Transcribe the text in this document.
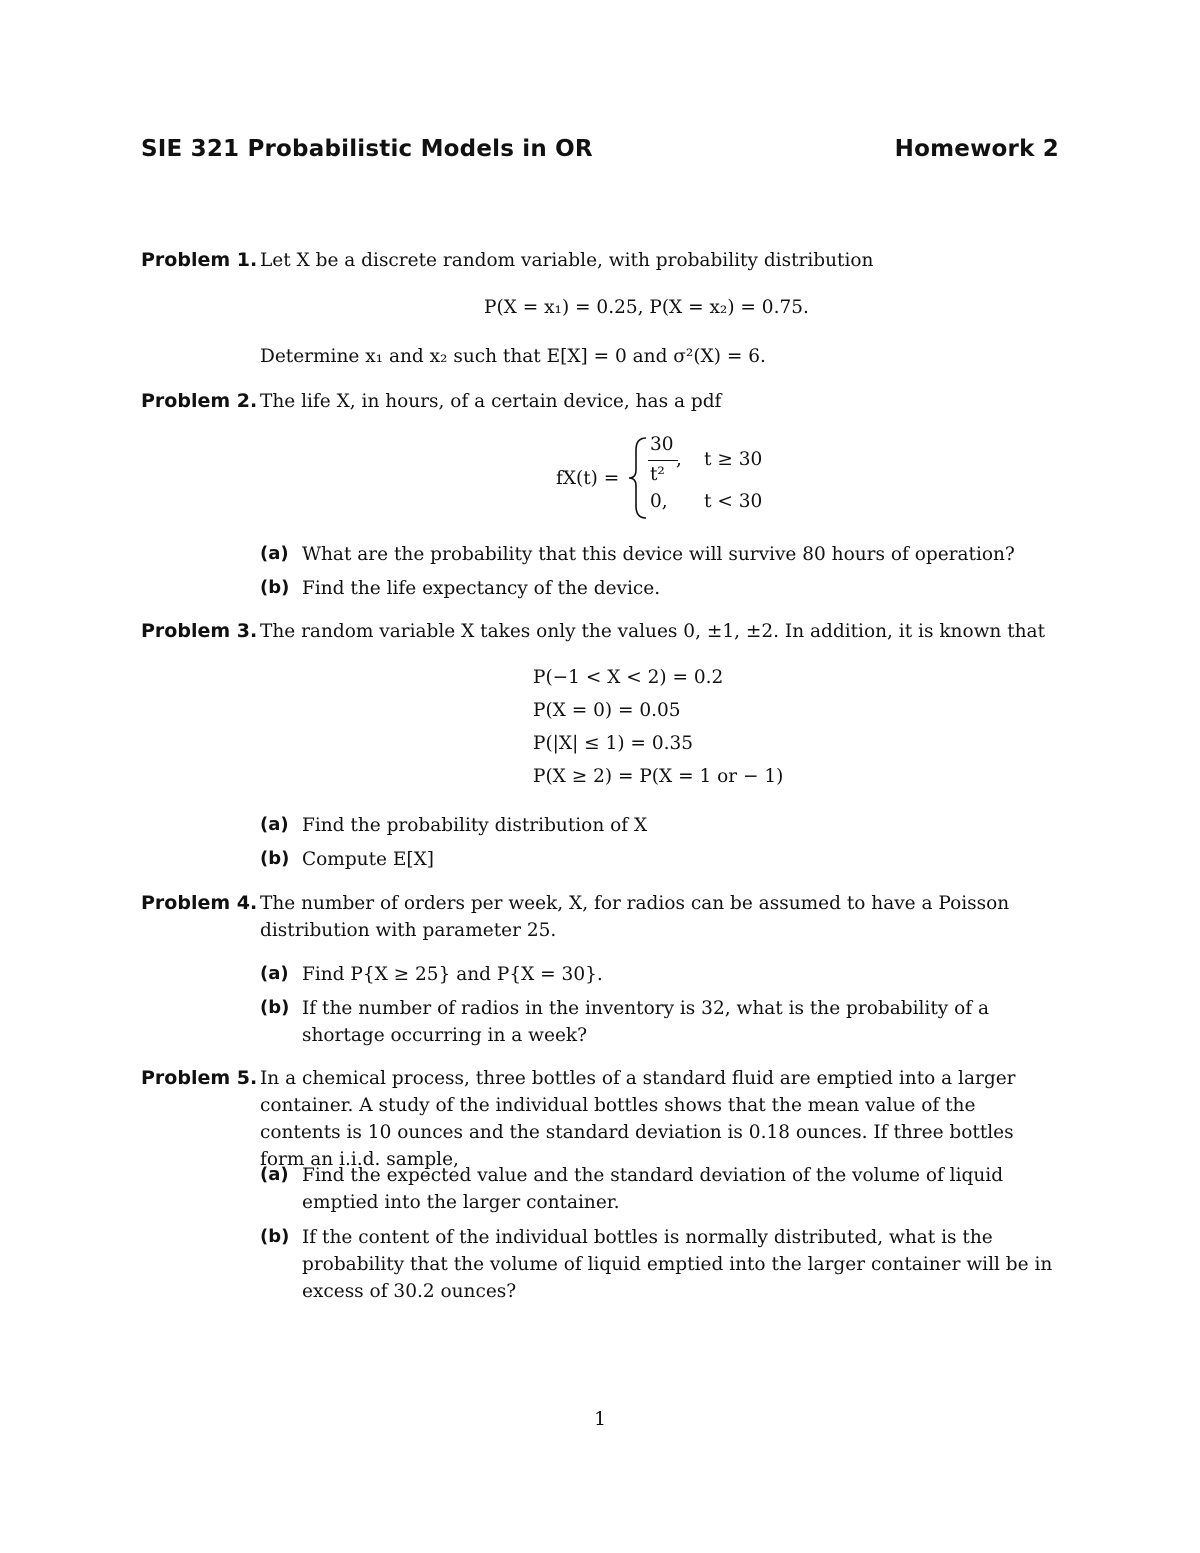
SIE 321 Probabilistic Models in OR	Homework 2
Problem 1. Let X be a discrete random variable, with probability distribution
P(X = x₁) = 0.25, P(X = x₂) = 0.75.
Determine x₁ and x₂ such that E[X] = 0 and σ²(X) = 6.
Problem 2. The life X, in hours, of a certain device, has a pdf
fX(t) =
30
t²
, t ≥ 30
0, t < 30
(a) What are the probability that this device will survive 80 hours of operation?
(b) Find the life expectancy of the device.
Problem 3. The random variable X takes only the values 0, ±1, ±2. In addition, it is known that
P(−1 < X < 2) = 0.2
P(X = 0) = 0.05
P(|X| ≤ 1) = 0.35
P(X ≥ 2) = P(X = 1 or − 1)
(a) Find the probability distribution of X
(b) Compute E[X]
Problem 4. The number of orders per week, X, for radios can be assumed to have a Poisson distribution with parameter 25.
(a) Find P{X ≥ 25} and P{X = 30}.
(b) If the number of radios in the inventory is 32, what is the probability of a shortage occurring in a week?
Problem 5. In a chemical process, three bottles of a standard fluid are emptied into a larger container. A study of the individual bottles shows that the mean value of the contents is 10 ounces and the standard deviation is 0.18 ounces. If three bottles form an i.i.d. sample,
(a) Find the expected value and the standard deviation of the volume of liquid emptied into the larger container.
(b) If the content of the individual bottles is normally distributed, what is the probability that the volume of liquid emptied into the larger container will be in excess of 30.2 ounces?
1
